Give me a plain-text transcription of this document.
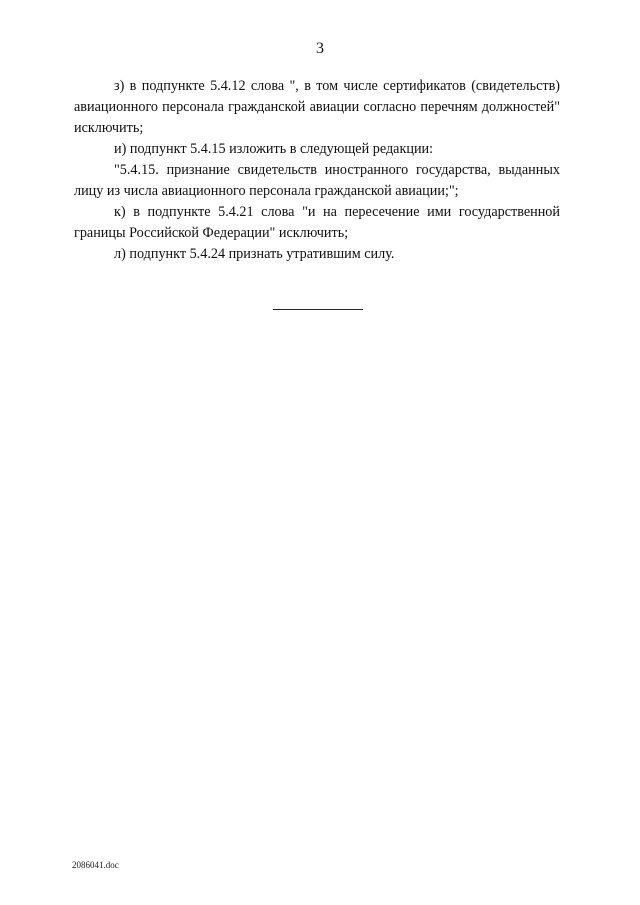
3

з) в подпункте 5.4.12 слова ", в том числе сертификатов (свидетельств) авиационного персонала гражданской авиации согласно перечням должностей" исключить;

и) подпункт 5.4.15 изложить в следующей редакции:

"5.4.15. признание свидетельств иностранного государства, выданных лицу из числа авиационного персонала гражданской авиации;";

к) в подпункте 5.4.21 слова "и на пересечение ими государственной границы Российской Федерации" исключить;

л) подпункт 5.4.24 признать утратившим силу.

2086041.doc
